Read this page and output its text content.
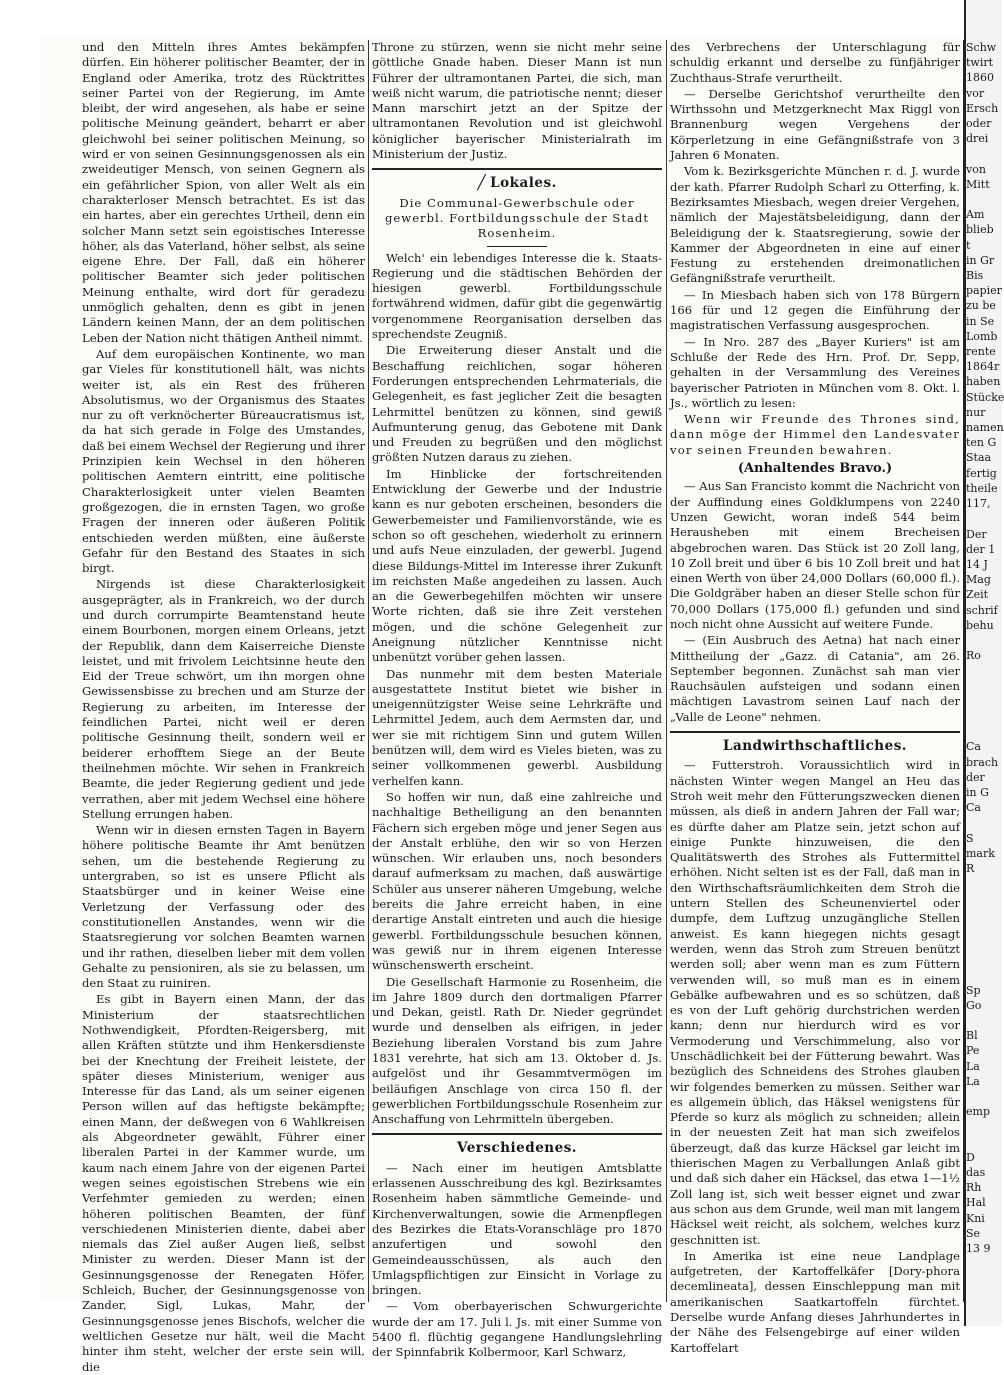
und den Mitteln ihres Amtes bekämpfen dürfen. Ein höherer politischer Beamter, der in England oder Amerika, trotz des Rücktrittes seiner Partei von der Regierung, im Amte bleibt, der wird angesehen, als habe er seine politische Meinung geändert, beharrt er aber gleichwohl bei seiner politischen Meinung, so wird er von seinen Gesinnungsgenossen als ein zweideutiger Mensch, von seinen Gegnern als ein gefährlicher Spion, von aller Welt als ein charakterloser Mensch betrachtet. Es ist das ein hartes, aber ein gerechtes Urtheil, denn ein solcher Mann setzt sein egoistisches Interesse höher, als das Vaterland, höher selbst, als seine eigene Ehre. Der Fall, daß ein höherer politischer Beamter sich jeder politischen Meinung enthalte, wird dort für geradezu unmöglich gehalten, denn es gibt in jenen Ländern keinen Mann, der an dem politischen Leben der Nation nicht thätigen Antheil nimmt.

Auf dem europäischen Kontinente, wo man gar Vieles für konstitutionell hält, was nichts weiter ist, als ein Rest des früheren Absolutismus, wo der Organismus des Staates nur zu oft verknöcherter Büreaucratismus ist, da hat sich gerade in Folge des Umstandes, daß bei einem Wechsel der Regierung und ihrer Prinzipien kein Wechsel in den höheren politischen Aemtern eintritt, eine politische Charakterlosigkeit unter vielen Beamten großgezogen, die in ernsten Tagen, wo große Fragen der inneren oder äußeren Politik entschieden werden müßten, eine äußerste Gefahr für den Bestand des Staates in sich birgt.

Nirgends ist diese Charakterlosigkeit ausgeprägter, als in Frankreich, wo der durch und durch corrumpirte Beamtenstand heute einem Bourbonen, morgen einem Orleans, jetzt der Republik, dann dem Kaiserreiche Dienste leistet, und mit frivolem Leichtsinne heute den Eid der Treue schwört, um ihn morgen ohne Gewissensbisse zu brechen und am Sturze der Regierung zu arbeiten, im Interesse der feindlichen Partei, nicht weil er deren politische Gesinnung theilt, sondern weil er beiderer erhofftem Siege an der Beute theilnehmen möchte. Wir sehen in Frankreich Beamte, die jeder Regierung gedient und jede verrathen, aber mit jedem Wechsel eine höhere Stellung errungen haben.

Wenn wir in diesen ernsten Tagen in Bayern höhere politische Beamte ihr Amt benützen sehen, um die bestehende Regierung zu untergraben, so ist es unsere Pflicht als Staatsbürger und in keiner Weise eine Verletzung der Verfassung oder des constitutionellen Anstandes, wenn wir die Staatsregierung vor solchen Beamten warnen und ihr rathen, dieselben lieber mit dem vollen Gehalte zu pensioniren, als sie zu belassen, um den Staat zu ruiniren.

Es gibt in Bayern einen Mann, der das Ministerium der staatsrechtlichen Nothwendigkeit, Pfordten-Reigersberg, mit allen Kräften stützte und ihm Henkersdienste bei der Knechtung der Freiheit leistete, der später dieses Ministerium, weniger aus Interesse für das Land, als um seiner eigenen Person willen auf das heftigste bekämpfte; einen Mann, der deßwegen von 6 Wahlkreisen als Abgeordneter gewählt, Führer einer liberalen Partei in der Kammer wurde, um kaum nach einem Jahre von der eigenen Partei wegen seines egoistischen Strebens wie ein Verfehmter gemieden zu werden; einen höheren politischen Beamten, der fünf verschiedenen Ministerien diente, dabei aber niemals das Ziel außer Augen ließ, selbst Minister zu werden. Dieser Mann ist der Gesinnungsgenosse der Renegaten Höfer, Schleich, Bucher, der Gesinnungsgenosse von Zander, Sigl, Lukas, Mahr, der Gesinnungsgenosse jenes Bischofs, welcher die weltlichen Gesetze nur hält, weil die Macht hinter ihm steht, welcher der erste sein will, die

Throne zu stürzen, wenn sie nicht mehr seine göttliche Gnade haben. Dieser Mann ist nun Führer der ultramontanen Partei, die sich, man weiß nicht warum, die patriotische nennt; dieser Mann marschirt jetzt an der Spitze der ultramontanen Revolution und ist gleichwohl königlicher bayerischer Ministerialrath im Ministerium der Justiz.

╱ Lokales.
Die Communal-Gewerbschule oder gewerbl. Fortbildungsschule der Stadt Rosenheim.

Welch' ein lebendiges Interesse die k. Staats-Regierung und die städtischen Behörden der hiesigen gewerbl. Fortbildungsschule fortwährend widmen, dafür gibt die gegenwärtig vorgenommene Reorganisation derselben das sprechendste Zeugniß.

Die Erweiterung dieser Anstalt und die Beschaffung reichlichen, sogar höheren Forderungen entsprechenden Lehrmaterials, die Gelegenheit, es fast jeglicher Zeit die besagten Lehrmittel benützen zu können, sind gewiß Aufmunterung genug, das Gebotene mit Dank und Freuden zu begrüßen und den möglichst größten Nutzen daraus zu ziehen.

Im Hinblicke der fortschreitenden Entwicklung der Gewerbe und der Industrie kann es nur geboten erscheinen, besonders die Gewerbemeister und Familienvorstände, wie es schon so oft geschehen, wiederholt zu erinnern und aufs Neue einzuladen, der gewerbl. Jugend diese Bildungs-Mittel im Interesse ihrer Zukunft im reichsten Maße angedeihen zu lassen. Auch an die Gewerbegehilfen möchten wir unsere Worte richten, daß sie ihre Zeit verstehen mögen, und die schöne Gelegenheit zur Aneignung nützlicher Kenntnisse nicht unbenützt vorüber gehen lassen.

Das nunmehr mit dem besten Materiale ausgestattete Institut bietet wie bisher in uneigennützigster Weise seine Lehrkräfte und Lehrmittel Jedem, auch dem Aermsten dar, und wer sie mit richtigem Sinn und gutem Willen benützen will, dem wird es Vieles bieten, was zu seiner vollkommenen gewerbl. Ausbildung verhelfen kann.

So hoffen wir nun, daß eine zahlreiche und nachhaltige Betheiligung an den benannten Fächern sich ergeben möge und jener Segen aus der Anstalt erblühe, den wir so von Herzen wünschen. Wir erlauben uns, noch besonders darauf aufmerksam zu machen, daß auswärtige Schüler aus unserer näheren Umgebung, welche bereits die Jahre erreicht haben, in eine derartige Anstalt eintreten und auch die hiesige gewerbl. Fortbildungsschule besuchen können, was gewiß nur in ihrem eigenen Interesse wünschenswerth erscheint.

Die Gesellschaft Harmonie zu Rosenheim, die im Jahre 1809 durch den dortmaligen Pfarrer und Dekan, geistl. Rath Dr. Nieder gegründet wurde und denselben als eifrigen, in jeder Beziehung liberalen Vorstand bis zum Jahre 1831 verehrte, hat sich am 13. Oktober d. Js. aufgelöst und ihr Gesammtvermögen im beiläufigen Anschlage von circa 150 fl. der gewerblichen Fortbildungsschule Rosenheim zur Anschaffung von Lehrmitteln übergeben.

Verschiedenes.

— Nach einer im heutigen Amtsblatte erlassenen Ausschreibung des kgl. Bezirksamtes Rosenheim haben sämmtliche Gemeinde- und Kirchenverwaltungen, sowie die Armenpflegen des Bezirkes die Etats-Voranschläge pro 1870 anzufertigen und sowohl den Gemeindeausschüssen, als auch den Umlagspflichtigen zur Einsicht in Vorlage zu bringen.

— Vom oberbayerischen Schwurgerichte wurde der am 17. Juli l. Js. mit einer Summe von 5400 fl. flüchtig gegangene Handlungslehrling der Spinnfabrik Kolbermoor, Karl Schwarz,

des Verbrechens der Unterschlagung für schuldig erkannt und derselbe zu fünfjähriger Zuchthaus-Strafe verurtheilt.

— Derselbe Gerichtshof verurtheilte den Wirthssohn und Metzgerknecht Max Riggl von Brannenburg wegen Vergehens der Körperletzung in eine Gefängnißstrafe von 3 Jahren 6 Monaten.

Vom k. Bezirksgerichte München r. d. J. wurde der kath. Pfarrer Rudolph Scharl zu Otterfing, k. Bezirksamtes Miesbach, wegen dreier Vergehen, nämlich der Majestätsbeleidigung, dann der Beleidigung der k. Staatsregierung, sowie der Kammer der Abgeordneten in eine auf einer Festung zu erstehenden dreimonatlichen Gefängnißstrafe verurtheilt.

— In Miesbach haben sich von 178 Bürgern 166 für und 12 gegen die Einführung der magistratischen Verfassung ausgesprochen.

— In Nro. 287 des „Bayer Kuriers" ist am Schluße der Rede des Hrn. Prof. Dr. Sepp, gehalten in der Versammlung des Vereines bayerischer Patrioten in München vom 8. Okt. l. Js., wörtlich zu lesen:

Wenn wir Freunde des Thrones sind, dann möge der Himmel den Landesvater vor seinen Freunden bewahren.

(Anhaltendes Bravo.)

— Aus San Francisto kommt die Nachricht von der Auffindung eines Goldklumpens von 2240 Unzen Gewicht, woran indeß 544 beim Herausheben mit einem Brecheisen abgebrochen waren. Das Stück ist 20 Zoll lang, 10 Zoll breit und über 6 bis 10 Zoll breit und hat einen Werth von über 24,000 Dollars (60,000 fl.). Die Goldgräber haben an dieser Stelle schon für 70,000 Dollars (175,000 fl.) gefunden und sind noch nicht ohne Aussicht auf weitere Funde.

— (Ein Ausbruch des Aetna) hat nach einer Mittheilung der „Gazz. di Catania", am 26. September begonnen. Zunächst sah man vier Rauchsäulen aufsteigen und sodann einen mächtigen Lavastrom seinen Lauf nach der „Valle de Leone" nehmen.

Landwirthschaftliches.

— Futterstroh. Voraussichtlich wird in nächsten Winter wegen Mangel an Heu das Stroh weit mehr den Fütterungszwecken dienen müssen, als dieß in andern Jahren der Fall war; es dürfte daher am Platze sein, jetzt schon auf einige Punkte hinzuweisen, die den Qualitätswerth des Strohes als Futtermittel erhöhen. Nicht selten ist es der Fall, daß man in den Wirthschaftsräumlichkeiten dem Stroh die untern Stellen des Scheunenviertel oder dumpfe, dem Luftzug unzugängliche Stellen anweist. Es kann hiegegen nichts gesagt werden, wenn das Stroh zum Streuen benützt werden soll; aber wenn man es zum Füttern verwenden will, so muß man es in einem Gebälke aufbewahren und es so schützen, daß es von der Luft gehörig durchstrichen werden kann; denn nur hierdurch wird es vor Vermoderung und Verschimmelung, also vor Unschädlichkeit bei der Fütterung bewahrt. Was bezüglich des Schneidens des Strohes glauben wir folgendes bemerken zu müssen. Seither war es allgemein üblich, das Häksel wenigstens für Pferde so kurz als möglich zu schneiden; allein in der neuesten Zeit hat man sich zweifelos überzeugt, daß das kurze Häcksel gar leicht im thierischen Magen zu Verballungen Anlaß gibt und daß sich daher ein Häcksel, das etwa 1—1½ Zoll lang ist, sich weit besser eignet und zwar aus schon aus dem Grunde, weil man mit langem Häcksel weit reicht, als solchem, welches kurz geschnitten ist.

In Amerika ist eine neue Landplage aufgetreten, der Kartoffelkäfer [Dory-phora decemlineata], dessen Einschleppung man mit amerikanischen Saatkartoffeln fürchtet. Derselbe wurde Anfang dieses Jahrhundertes in der Nähe des Felsengebirge auf einer wilden Kartoffelart

Schw
twirt
1860
vor
Ersch
oder
drei

von
Mitt

Am
blieb t
in Gr
Bis
papier
zu be
in Se
Lomb
rente
1864r
haben
Stücke
nur
namen
ten G
Staa
fertig
theile
117,

Der
der 1
14 J
Mag
Zeit
schrif
behu

Ro

Ca
brach
der
in G
Ca

S
mark
R

Sp
Go

Bl
Pe
La
La

emp

D
das
Rh
Hal
Kni
Se
13 9
